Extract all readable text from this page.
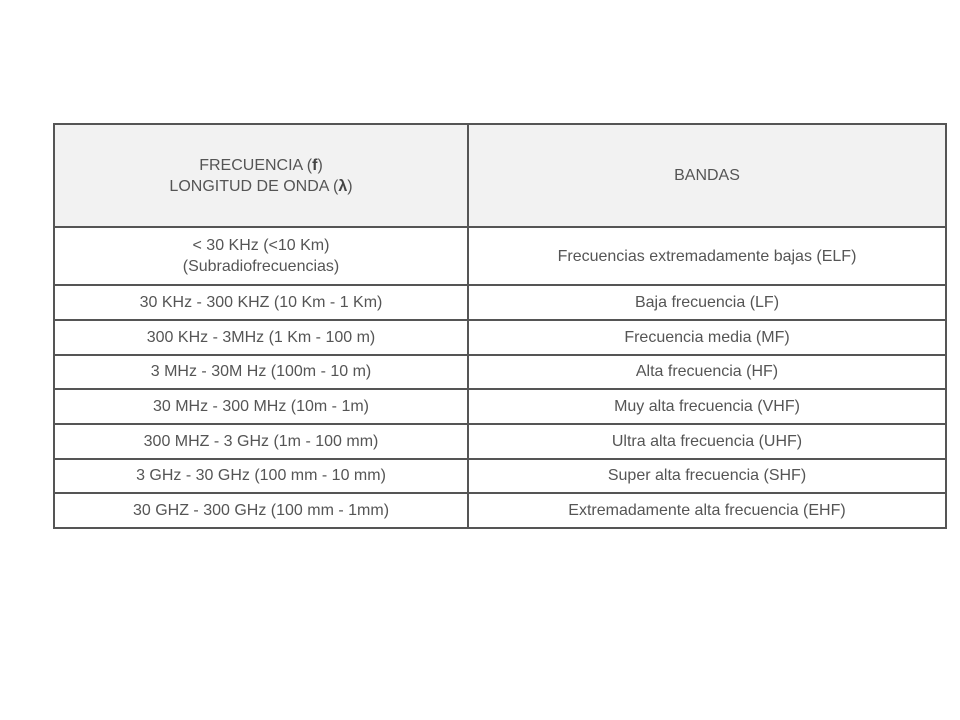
FRECUENCIA (f)
LONGITUD DE ONDA (λ)	BANDAS

< 30 KHz (<10 Km)
(Subradiofrecuencias)	Frecuencias extremadamente bajas (ELF)
30 KHz - 300 KHZ (10 Km - 1 Km)	Baja frecuencia (LF)
300 KHz - 3MHz (1 Km - 100 m)	Frecuencia media (MF)
3 MHz - 30M Hz (100m - 10 m)	Alta frecuencia (HF)
30 MHz - 300 MHz (10m - 1m)	Muy alta frecuencia (VHF)
300 MHZ - 3 GHz (1m - 100 mm)	Ultra alta frecuencia (UHF)
3 GHz - 30 GHz (100 mm - 10 mm)	Super alta frecuencia (SHF)
30 GHZ - 300 GHz (100 mm - 1mm)	Extremadamente alta frecuencia (EHF)
